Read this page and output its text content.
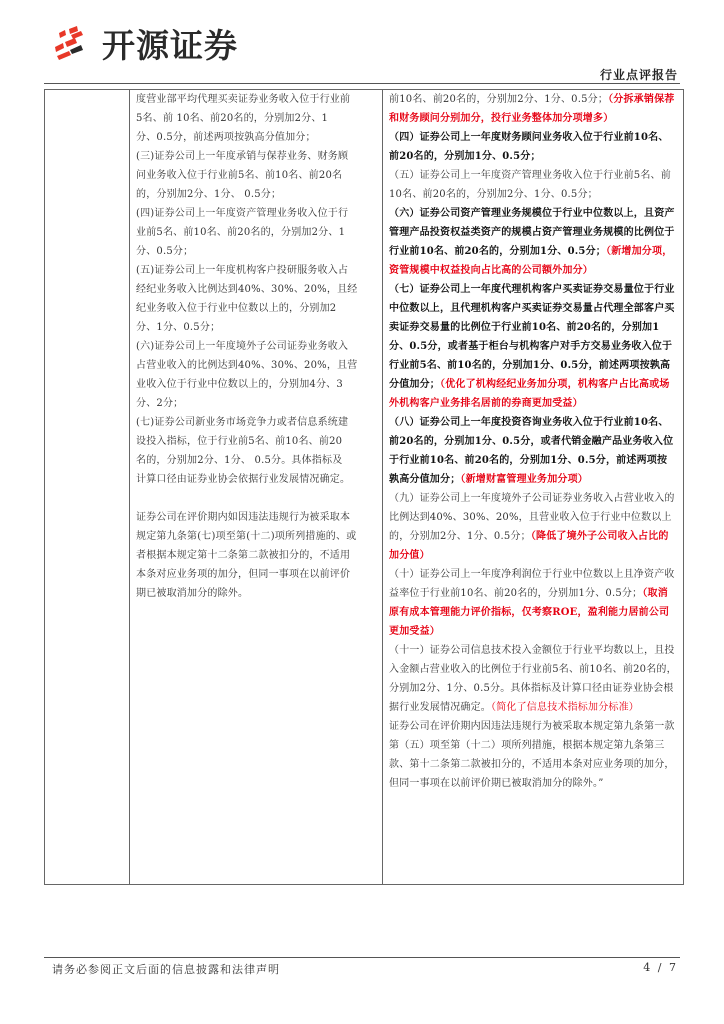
开源证券
行业点评报告

度营业部平均代理买卖证券业务收入位于行业前
5名、前 10名、前20名的，分别加2分、1
分、0.5分，前述两项按孰高分值加分；
(三)证券公司上一年度承销与保荐业务、财务顾
问业务收入位于行业前5名、前10名、前20名
的，分别加2分、1分、 0.5分；
(四)证券公司上一年度资产管理业务收入位于行
业前5名、前10名、前20名的，分别加2分、1
分、0.5分；
(五)证券公司上一年度机构客户投研服务收入占
经纪业务收入比例达到40%、30%、20%，且经
纪业务收入位于行业中位数以上的，分别加2
分、1分、0.5分；
(六)证券公司上一年度境外子公司证券业务收入
占营业收入的比例达到40%、30%、20%，且营
业收入位于行业中位数以上的，分别加4分、3
分、2分；
(七)证券公司新业务市场竞争力或者信息系统建
设投入指标，位于行业前5名、前10名、前20
名的，分别加2分、1分、 0.5分。具体指标及
计算口径由证券业协会依据行业发展情况确定。
证券公司在评价期内如因违法违规行为被采取本
规定第九条第(七)项至第(十二)项所列措施的、或
者根据本规定第十二条第二款被扣分的，不适用
本条对应业务项的加分，但同一事项在以前评价
期已被取消加分的除外。

前10名、前20名的，分别加2分、1分、0.5分；（分拆承销保荐和财务顾问分别加分，投行业务整体加分项增多）

（四）证券公司上一年度财务顾问业务收入位于行业前10名、前20名的，分别加1分、0.5分；

（五）证券公司上一年度资产管理业务收入位于行业前5名、前10名、前20名的，分别加2分、1分、0.5分；

（六）证券公司资产管理业务规模位于行业中位数以上，且资产管理产品投资权益类资产的规模占资产管理业务规模的比例位于行业前10名、前20名的，分别加1分、0.5分；（新增加分项，资管规模中权益投向占比高的公司额外加分）

（七）证券公司上一年度代理机构客户买卖证券交易量位于行业中位数以上，且代理机构客户买卖证券交易量占代理全部客户买卖证券交易量的比例位于行业前10名、前20名的，分别加1分、0.5分，或者基于柜台与机构客户对手方交易业务收入位于行业前5名、前10名的，分别加1分、0.5分，前述两项按孰高分值加分；（优化了机构经纪业务加分项，机构客户占比高或场外机构客户业务排名居前的券商更加受益）

（八）证券公司上一年度投资咨询业务收入位于行业前10名、前20名的，分别加1分、0.5分，或者代销金融产品业务收入位于行业前10名、前20名的，分别加1分、0.5分，前述两项按孰高分值加分；（新增财富管理业务加分项）

（九）证券公司上一年度境外子公司证券业务收入占营业收入的比例达到40%、30%、20%，且营业收入位于行业中位数以上的，分别加2分、1分、0.5分；（降低了境外子公司收入占比的加分值）

（十）证券公司上一年度净利润位于行业中位数以上且净资产收益率位于行业前10名、前20名的，分别加1分、0.5分；（取消原有成本管理能力评价指标，仅考察ROE，盈利能力居前公司更加受益）

（十一）证券公司信息技术投入金额位于行业平均数以上，且投入金额占营业收入的比例位于行业前5名、前10名、前20名的，分别加2分、1分、0.5分。具体指标及计算口径由证券业协会根据行业发展情况确定。（简化了信息技术指标加分标准）

证券公司在评价期内因违法违规行为被采取本规定第九条第一款第（五）项至第（十二）项所列措施，根据本规定第九条第三款、第十二条第二款被扣分的，不适用本条对应业务项的加分，但同一事项在以前评价期已被取消加分的除外。”

请务必参阅正文后面的信息披露和法律声明	4 / 7
